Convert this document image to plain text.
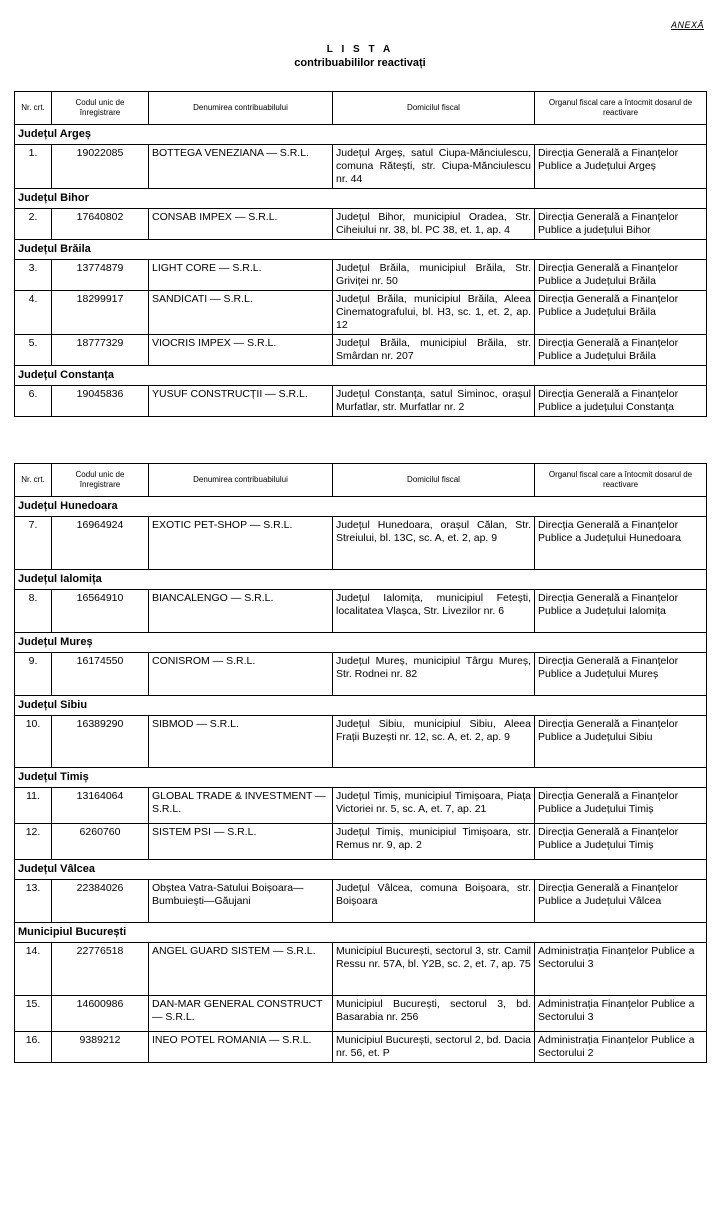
ANEXĂ
L I S T A
contribuabililor reactivați
Nr. crt.	Codul unic de înregistrare	Denumirea contribuabilului	Domicilul fiscal	Organul fiscal care a întocmit dosarul de reactivare
Județul Argeș				
1.	19022085	BOTTEGA VENEZIANA — S.R.L.	Județul Argeș, satul Ciupa-Mănciulescu, comuna Rătești, str. Ciupa-Mănciulescu nr. 44	Direcția Generală a Finanțelor Publice a Județului Argeș
Județul Bihor				
2.	17640802	CONSAB IMPEX — S.R.L.	Județul Bihor, municipiul Oradea, Str. Ciheiului nr. 38, bl. PC 38, et. 1, ap. 4	Direcția Generală a Finanțelor Publice a județului Bihor
Județul Brăila				
3.	13774879	LIGHT CORE — S.R.L.	Județul Brăila, municipiul Brăila, Str. Griviței nr. 50	Direcția Generală a Finanțelor Publice a Județului Brăila
4.	18299917	SANDICATI — S.R.L.	Județul Brăila, municipiul Brăila, Aleea Cinematografului, bl. H3, sc. 1, et. 2, ap. 12	Direcția Generală a Finanțelor Publice a Județului Brăila
5.	18777329	VIOCRIS IMPEX — S.R.L.	Județul Brăila, municipiul Brăila, str. Smârdan nr. 207	Direcția Generală a Finanțelor Publice a Județului Brăila
Județul Constanța				
6.	19045836	YUSUF CONSTRUCȚII — S.R.L.	Județul Constanța, satul Siminoc, orașul Murfatlar, str. Murfatlar nr. 2	Direcția Generală a Finanțelor Publice a județului Constanța
Nr. crt.	Codul unic de înregistrare	Denumirea contribuabilului	Domicilul fiscal	Organul fiscal care a întocmit dosarul de reactivare
Județul Hunedoara				
7.	16964924	EXOTIC PET-SHOP — S.R.L.	Județul Hunedoara, orașul Călan, Str. Streiului, bl. 13C, sc. A, et. 2, ap. 9	Direcția Generală a Finanțelor Publice a Județului Hunedoara
Județul Ialomița				
8.	16564910	BIANCALENGO — S.R.L.	Județul Ialomița, municipiul Fetești, localitatea Vlașca, Str. Livezilor nr. 6	Direcția Generală a Finanțelor Publice a Județului Ialomița
Județul Mureș				
9.	16174550	CONISROM — S.R.L.	Județul Mureș, municipiul Târgu Mureș, Str. Rodnei nr. 82	Direcția Generală a Finanțelor Publice a Județului Mureș
Județul Sibiu				
10.	16389290	SIBMOD — S.R.L.	Județul Sibiu, municipiul Sibiu, Aleea Frații Buzești nr. 12, sc. A, et. 2, ap. 9	Direcția Generală a Finanțelor Publice a Județului Sibiu
Județul Timiș				
11.	13164064	GLOBAL TRADE & INVESTMENT — S.R.L.	Județul Timiș, municipiul Timișoara, Piața Victoriei nr. 5, sc. A, et. 7, ap. 21	Direcția Generală a Finanțelor Publice a Județului Timiș
12.	6260760	SISTEM PSI — S.R.L.	Județul Timiș, municipiul Timișoara, str. Remus nr. 9, ap. 2	Direcția Generală a Finanțelor Publice a Județului Timiș
Județul Vâlcea				
13.	22384026	Obștea Vatra-Satului Boișoara—Bumbuiești—Găujani	Județul Vâlcea, comuna Boișoara, str. Boișoara	Direcția Generală a Finanțelor Publice a Județului Vâlcea
Municipiul București				
14.	22776518	ANGEL GUARD SISTEM — S.R.L.	Municipiul București, sectorul 3, str. Camil Ressu nr. 57A, bl. Y2B, sc. 2, et. 7, ap. 75	Administrația Finanțelor Publice a Sectorului 3
15.	14600986	DAN-MAR GENERAL CONSTRUCT — S.R.L.	Municipiul București, sectorul 3, bd. Basarabia nr. 256	Administrația Finanțelor Publice a Sectorului 3
16.	9389212	INEO POTEL ROMANIA — S.R.L.	Municipiul București, sectorul 2, bd. Dacia nr. 56, et. P	Administrația Finanțelor Publice a Sectorului 2
